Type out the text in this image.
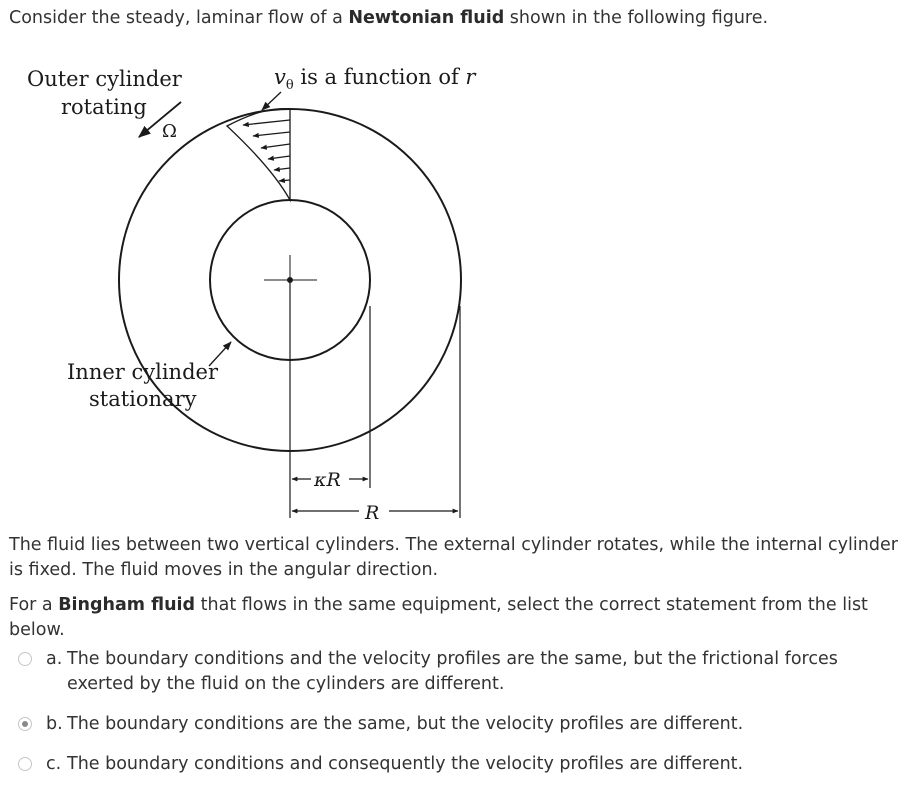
Consider the steady, laminar flow of a Newtonian fluid shown in the following figure.

Outer cylinder
rotating
Ω
$v_\theta$ is a function of r
Inner cylinder
stationary
κR
R

The fluid lies between two vertical cylinders. The external cylinder rotates, while the internal cylinder is fixed. The fluid moves in the angular direction.

For a Bingham fluid that flows in the same equipment, select the correct statement from the list below.

a. The boundary conditions and the velocity profiles are the same, but the frictional forces exerted by the fluid on the cylinders are different.
b. The boundary conditions are the same, but the velocity profiles are different.
c. The boundary conditions and consequently the velocity profiles are different.
